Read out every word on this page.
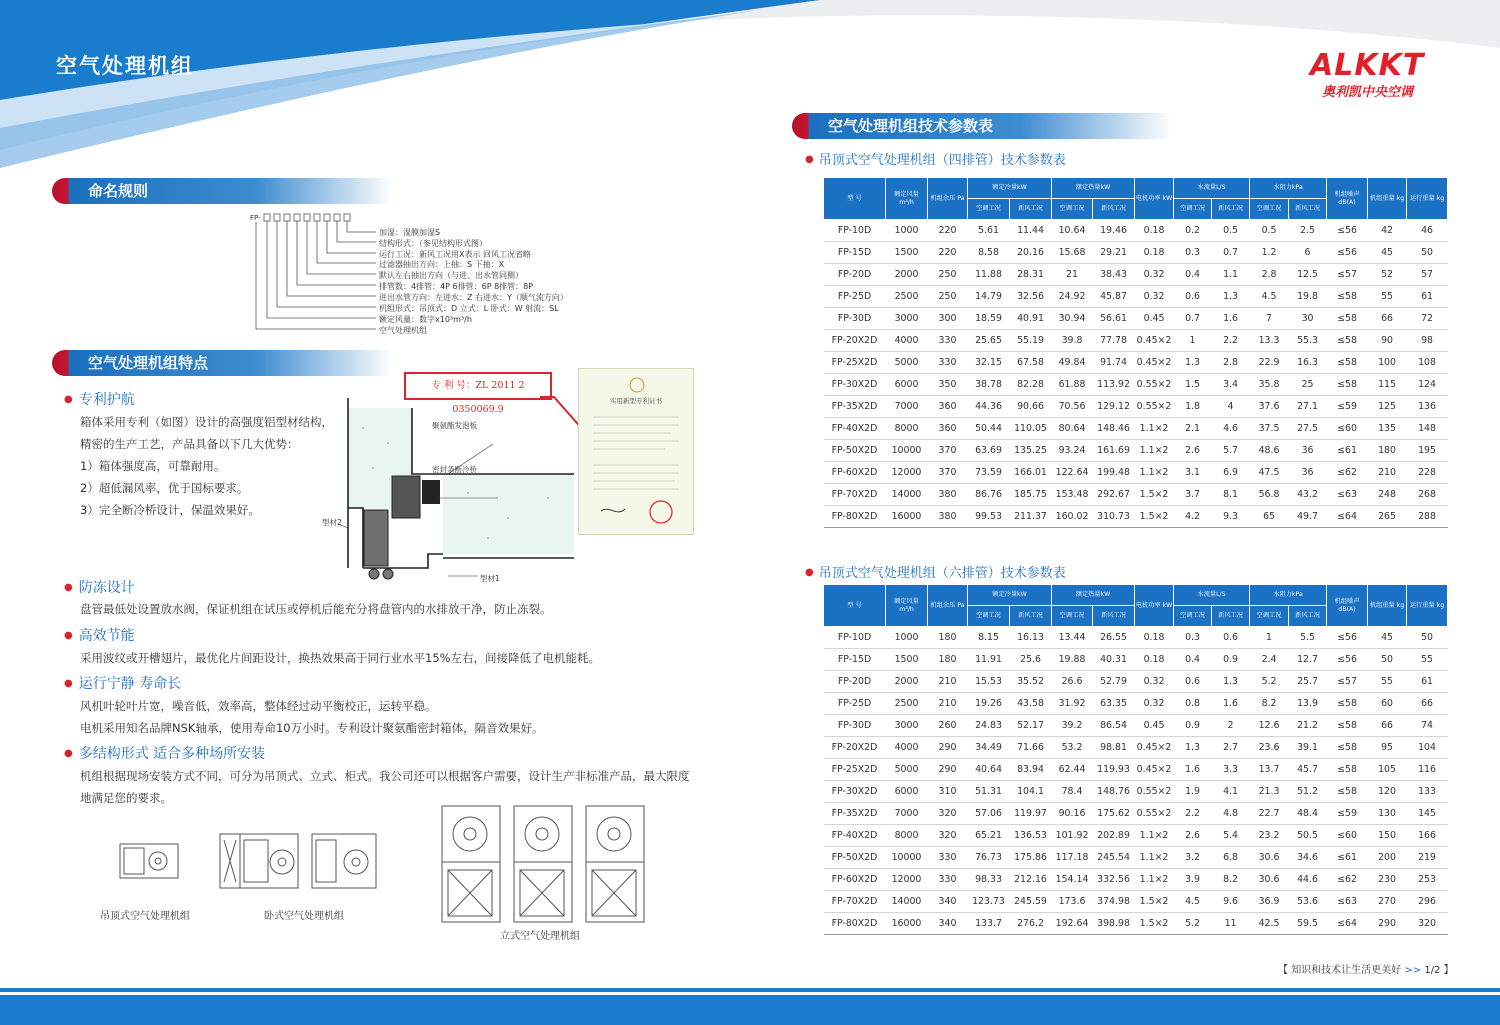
空气处理机组	ALKKT
奥利凯中央空调
【 知识和技术让生活更美好 >> 1/2 】
命名规则
FP-
加湿：湿膜加湿S
结构形式：（参见结构形式图）
运行工况：新风工况用X表示 回风工况省略
过滤器抽出方向：上抽：S 下抽：X
默认左右抽出方向（与进、出水管同侧）
排管数：4排管：4P 6排管：6P 8排管：8P
进出水管方向：左进水：Z 右进水：Y（顺气流方向）
机组形式：吊顶式：D 立式：L 卧式：W 射流：SL
额定风量：数字x10³m³/h
空气处理机组
空气处理机组特点
● 专利护航
箱体采用专利（如图）设计的高强度铝型材结构，
精密的生产工艺，产品具备以下几大优势：
1）箱体强度高，可靠耐用。
2）超低漏风率，优于国标要求。
3）完全断冷桥设计，保温效果好。
聚氨酯发泡板
密封条断冷桥
型材2
型材1
专 利 号：ZL 2011 2 0350069.9
实用新型专利证书
● 防冻设计
盘管最低处设置放水阀，保证机组在试压或停机后能充分将盘管内的水排放干净，防止冻裂。
● 高效节能
采用波纹或开槽翅片，最优化片间距设计，换热效果高于同行业水平15%左右，间接降低了电机能耗。
● 运行宁静 寿命长
风机叶轮叶片宽，噪音低，效率高，整体经过动平衡校正，运转平稳。
电机采用知名品牌NSK轴承，使用寿命10万小时。专利设计聚氨酯密封箱体，隔音效果好。
● 多结构形式 适合多种场所安装
机组根据现场安装方式不同，可分为吊顶式、立式、柜式。我公司还可以根据客户需要，设计生产非标准产品，最大限度
地满足您的要求。
吊顶式空气处理机组	卧式空气处理机组
立式空气处理机组
空气处理机组技术参数表
● 吊顶式空气处理机组（四排管）技术参数表
型 号	额定风量 m³/h	机组余压 Pa	额定冷量kW		额定热量kW		电机功率 kW	水流量L/S		水阻力kPa		机组噪声 dB(A)	机组重量 kg	运行重量 kg
			空调工况	新风工况	空调工况	新风工况		空调工况	新风工况	空调工况	新风工况			
FP-10D	1000	220	5.61	11.44	10.64	19.46	0.18	0.2	0.5	0.5	2.5	≤56	42	46
FP-15D	1500	220	8.58	20.16	15.68	29.21	0.18	0.3	0.7	1.2	6	≤56	45	50
FP-20D	2000	250	11.88	28.31	21	38.43	0.32	0.4	1.1	2.8	12.5	≤57	52	57
FP-25D	2500	250	14.79	32.56	24.92	45.87	0.32	0.6	1.3	4.5	19.8	≤58	55	61
FP-30D	3000	300	18.59	40.91	30.94	56.61	0.45	0.7	1.6	7	30	≤58	66	72
FP-20X2D	4000	330	25.65	55.19	39.8	77.78	0.45×2	1	2.2	13.3	55.3	≤58	90	98
FP-25X2D	5000	330	32.15	67.58	49.84	91.74	0.45×2	1.3	2.8	22.9	16.3	≤58	100	108
FP-30X2D	6000	350	38.78	82.28	61.88	113.92	0.55×2	1.5	3.4	35.8	25	≤58	115	124
FP-35X2D	7000	360	44.36	90.66	70.56	129.12	0.55×2	1.8	4	37.6	27.1	≤59	125	136
FP-40X2D	8000	360	50.44	110.05	80.64	148.46	1.1×2	2.1	4.6	37.5	27.5	≤60	135	148
FP-50X2D	10000	370	63.69	135.25	93.24	161.69	1.1×2	2.6	5.7	48.6	36	≤61	180	195
FP-60X2D	12000	370	73.59	166.01	122.64	199.48	1.1×2	3.1	6.9	47.5	36	≤62	210	228
FP-70X2D	14000	380	86.76	185.75	153.48	292.67	1.5×2	3.7	8.1	56.8	43.2	≤63	248	268
FP-80X2D	16000	380	99.53	211.37	160.02	310.73	1.5×2	4.2	9.3	65	49.7	≤64	265	288
● 吊顶式空气处理机组（六排管）技术参数表
型 号	额定风量 m³/h	机组余压 Pa	额定冷量kW		额定热量kW		电机功率 kW	水流量L/S		水阻力kPa		机组噪声 dB(A)	机组重量 kg	运行重量 kg
			空调工况	新风工况	空调工况	新风工况		空调工况	新风工况	空调工况	新风工况			
FP-10D	1000	180	8.15	16.13	13.44	26.55	0.18	0.3	0.6	1	5.5	≤56	45	50
FP-15D	1500	180	11.91	25.6	19.88	40.31	0.18	0.4	0.9	2.4	12.7	≤56	50	55
FP-20D	2000	210	15.53	35.52	26.6	52.79	0.32	0.6	1.3	5.2	25.7	≤57	55	61
FP-25D	2500	210	19.26	43.58	31.92	63.35	0.32	0.8	1.6	8.2	13.9	≤58	60	66
FP-30D	3000	260	24.83	52.17	39.2	86.54	0.45	0.9	2	12.6	21.2	≤58	66	74
FP-20X2D	4000	290	34.49	71.66	53.2	98.81	0.45×2	1.3	2.7	23.6	39.1	≤58	95	104
FP-25X2D	5000	290	40.64	83.94	62.44	119.93	0.45×2	1.6	3.3	13.7	45.7	≤58	105	116
FP-30X2D	6000	310	51.31	104.1	78.4	148.76	0.55×2	1.9	4.1	21.3	51.2	≤58	120	133
FP-35X2D	7000	320	57.06	119.97	90.16	175.62	0.55×2	2.2	4.8	22.7	48.4	≤59	130	145
FP-40X2D	8000	320	65.21	136.53	101.92	202.89	1.1×2	2.6	5.4	23.2	50.5	≤60	150	166
FP-50X2D	10000	330	76.73	175.86	117.18	245.54	1.1×2	3.2	6.8	30.6	34.6	≤61	200	219
FP-60X2D	12000	330	98.33	212.16	154.14	332.56	1.1×2	3.9	8.2	30.6	44.6	≤62	230	253
FP-70X2D	14000	340	123.73	245.59	173.6	374.98	1.5×2	4.5	9.6	36.9	53.6	≤63	270	296
FP-80X2D	16000	340	133.7	276.2	192.64	398.98	1.5×2	5.2	11	42.5	59.5	≤64	290	320
